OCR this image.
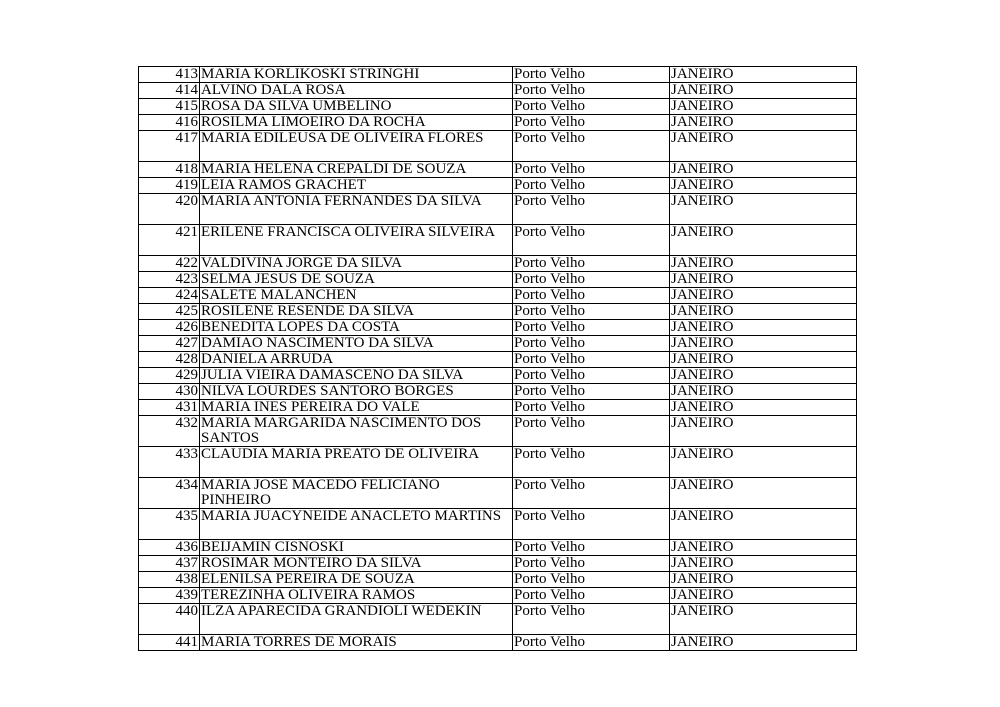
413	MARIA KORLIKOSKI STRINGHI	Porto Velho	JANEIRO
414	ALVINO DALA ROSA	Porto Velho	JANEIRO
415	ROSA DA SILVA UMBELINO	Porto Velho	JANEIRO
416	ROSILMA LIMOEIRO DA ROCHA	Porto Velho	JANEIRO
417	MARIA EDILEUSA DE OLIVEIRA FLORES	Porto Velho	JANEIRO
418	MARIA HELENA CREPALDI DE SOUZA	Porto Velho	JANEIRO
419	LEIA RAMOS GRACHET	Porto Velho	JANEIRO
420	MARIA ANTONIA FERNANDES DA SILVA	Porto Velho	JANEIRO
421	ERILENE FRANCISCA OLIVEIRA SILVEIRA	Porto Velho	JANEIRO
422	VALDIVINA JORGE DA SILVA	Porto Velho	JANEIRO
423	SELMA JESUS DE SOUZA	Porto Velho	JANEIRO
424	SALETE MALANCHEN	Porto Velho	JANEIRO
425	ROSILENE RESENDE DA SILVA	Porto Velho	JANEIRO
426	BENEDITA LOPES DA COSTA	Porto Velho	JANEIRO
427	DAMIAO NASCIMENTO DA SILVA	Porto Velho	JANEIRO
428	DANIELA ARRUDA	Porto Velho	JANEIRO
429	JULIA VIEIRA DAMASCENO DA SILVA	Porto Velho	JANEIRO
430	NILVA LOURDES SANTORO BORGES	Porto Velho	JANEIRO
431	MARIA INES PEREIRA DO VALE	Porto Velho	JANEIRO
432	MARIA MARGARIDA NASCIMENTO DOS SANTOS	Porto Velho	JANEIRO
433	CLAUDIA MARIA PREATO DE OLIVEIRA	Porto Velho	JANEIRO
434	MARIA JOSE MACEDO FELICIANO PINHEIRO	Porto Velho	JANEIRO
435	MARIA JUACYNEIDE ANACLETO MARTINS	Porto Velho	JANEIRO
436	BEIJAMIN CISNOSKI	Porto Velho	JANEIRO
437	ROSIMAR MONTEIRO DA SILVA	Porto Velho	JANEIRO
438	ELENILSA PEREIRA DE SOUZA	Porto Velho	JANEIRO
439	TEREZINHA OLIVEIRA RAMOS	Porto Velho	JANEIRO
440	ILZA APARECIDA GRANDIOLI WEDEKIN	Porto Velho	JANEIRO
441	MARIA TORRES DE MORAIS	Porto Velho	JANEIRO
